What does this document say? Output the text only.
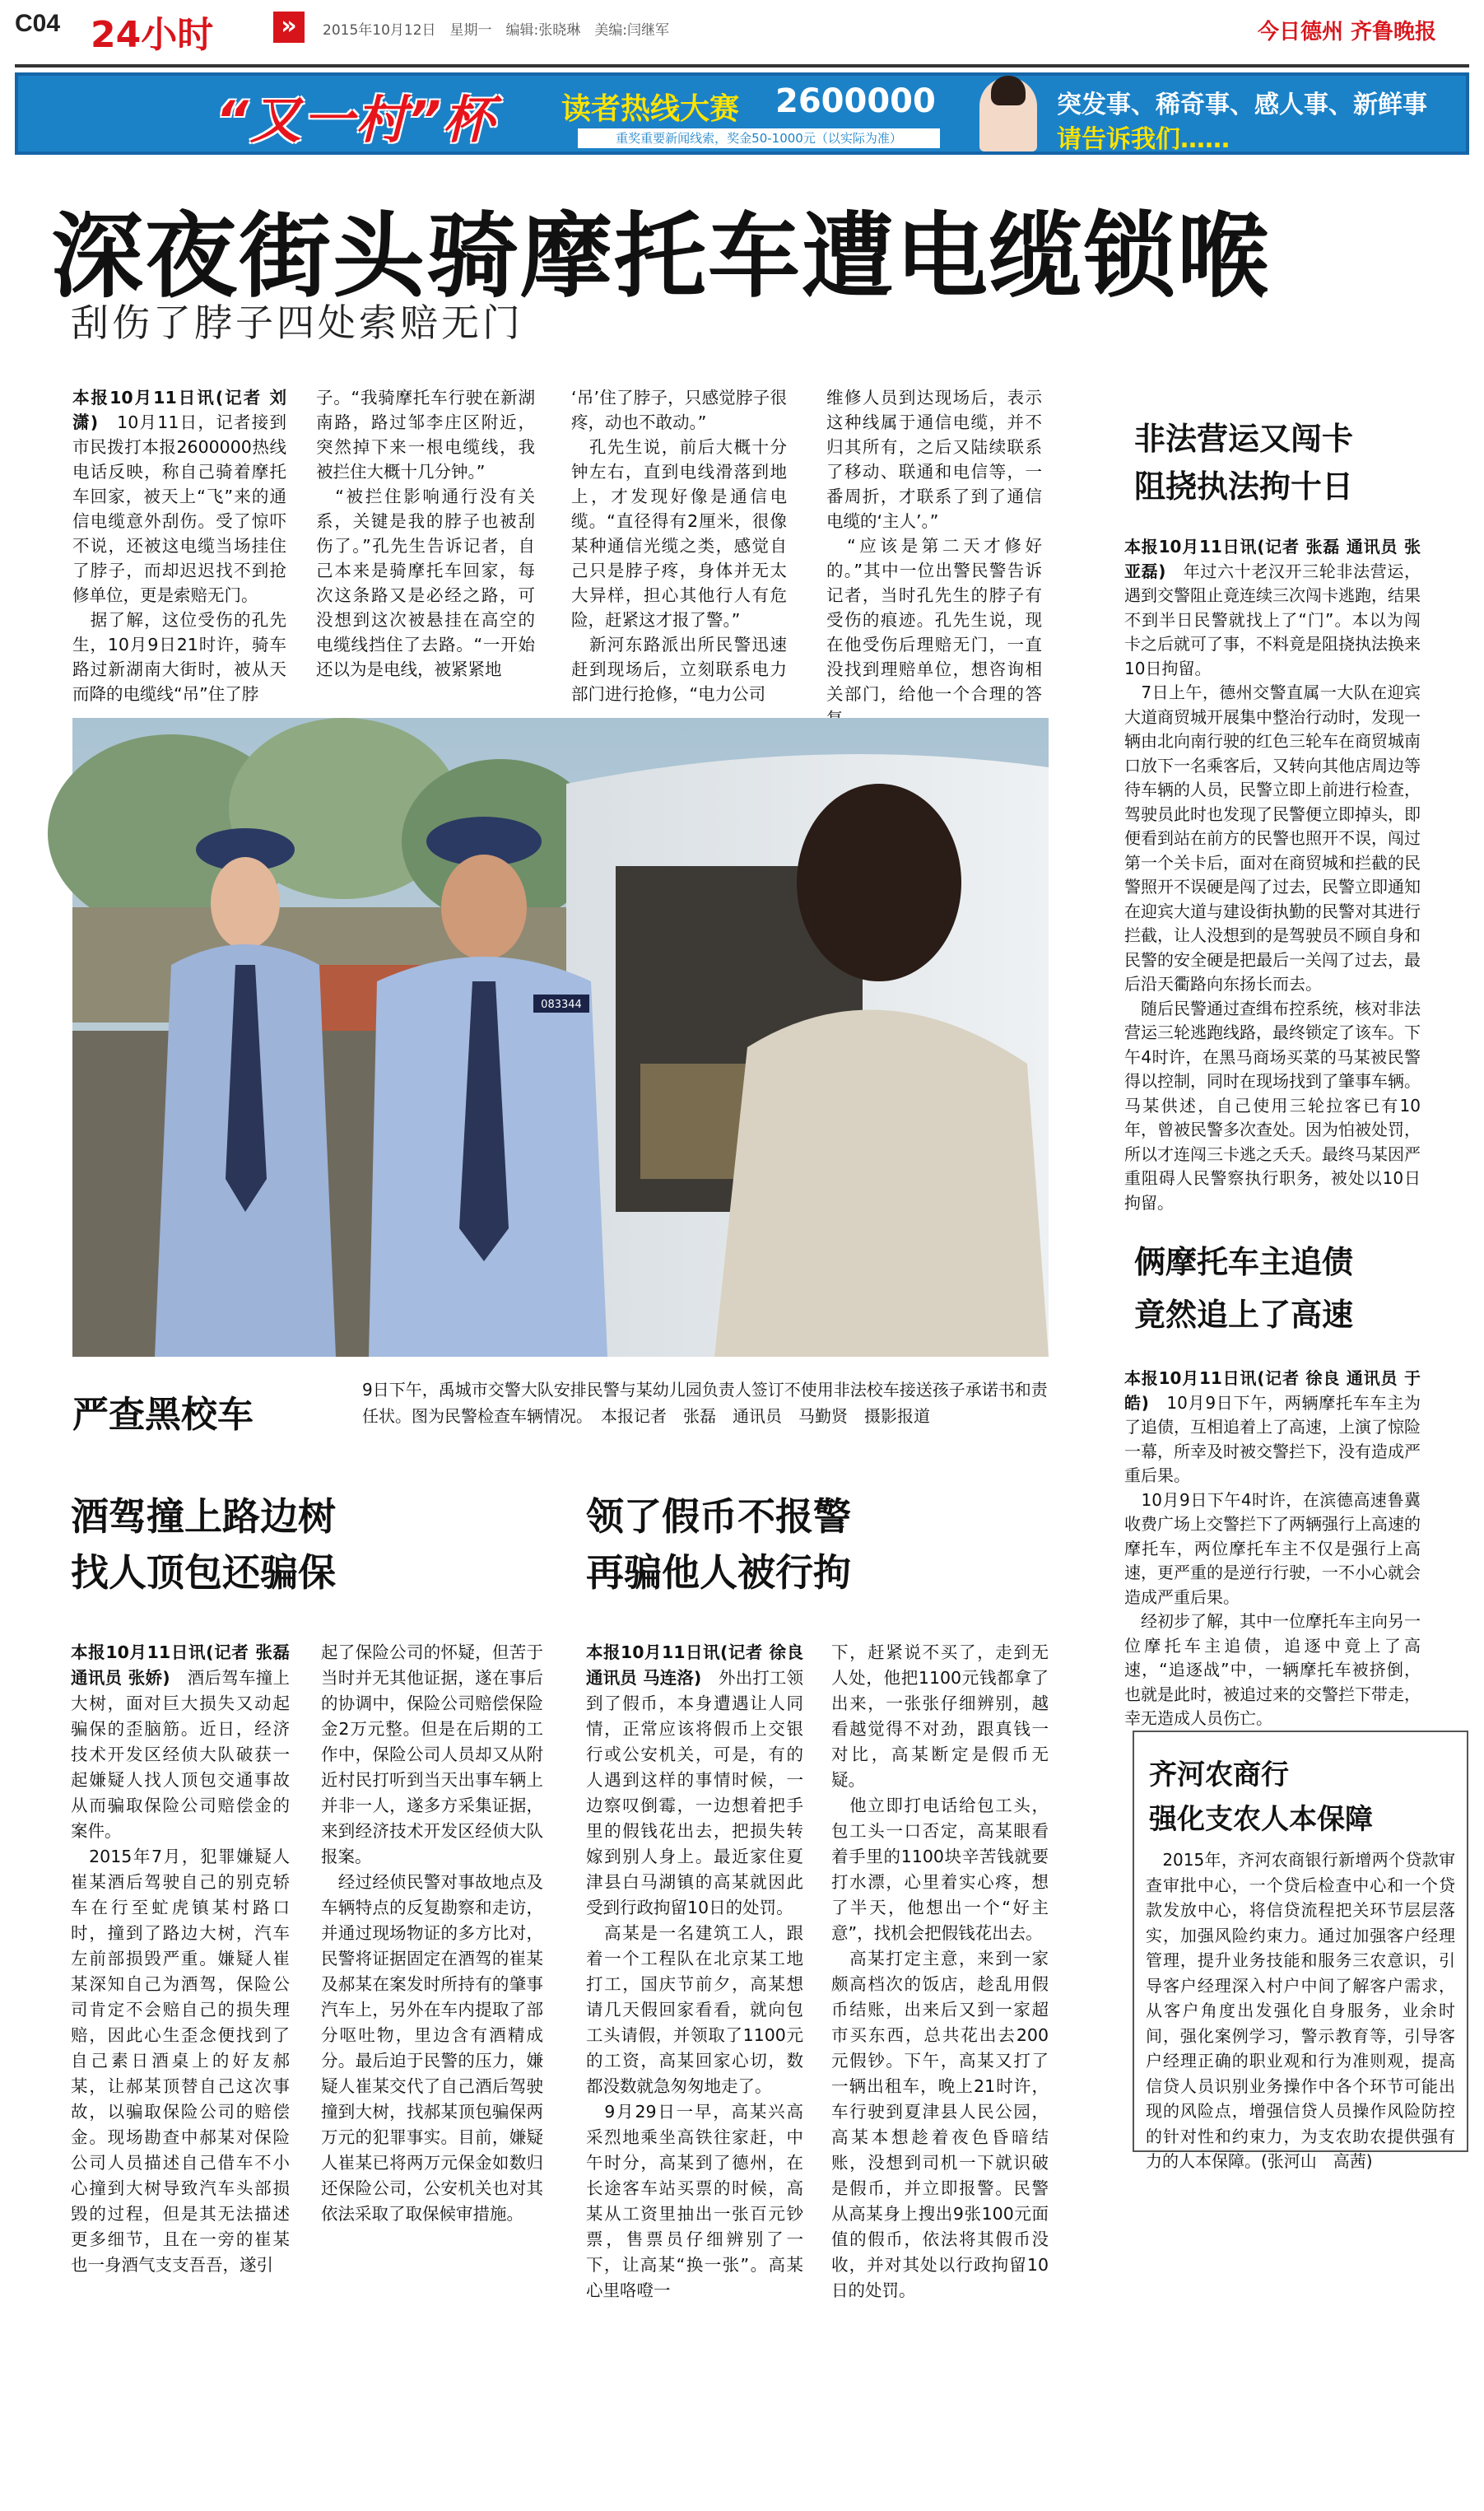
C04 24小时	»	2015年10月12日　星期一　编辑:张晓琳　美编:闫继军	今日德州 齐鲁晚报
“又一村”杯 读者热线大赛 2600000
重奖重要新闻线索，奖金50-1000元（以实际为准）
突发事、稀奇事、感人事、新鲜事
请告诉我们……
深夜街头骑摩托车遭电缆锁喉
刮伤了脖子四处索赔无门
本报10月11日讯(记者 刘潇)　10月11日，记者接到市民拨打本报2600000热线电话反映，称自己骑着摩托车回家，被天上“飞”来的通信电缆意外刮伤。受了惊吓不说，还被这电缆当场挂住了脖子，而却迟迟找不到抢修单位，更是索赔无门。
　据了解，这位受伤的孔先生，10月9日21时许，骑车路过新湖南大街时，被从天而降的电缆线“吊”住了脖
子。“我骑摩托车行驶在新湖南路，路过邹李庄区附近，突然掉下来一根电缆线，我被拦住大概十几分钟。”
　“被拦住影响通行没有关系，关键是我的脖子也被刮伤了。”孔先生告诉记者，自己本来是骑摩托车回家，每次这条路又是必经之路，可没想到这次被悬挂在高空的电缆线挡住了去路。“一开始还以为是电线，被紧紧地
‘吊’住了脖子，只感觉脖子很疼，动也不敢动。”
　孔先生说，前后大概十分钟左右，直到电线滑落到地上，才发现好像是通信电缆。“直径得有2厘米，很像某种通信光缆之类，感觉自己只是脖子疼，身体并无太大异样，担心其他行人有危险，赶紧这才报了警。”
　新河东路派出所民警迅速赶到现场后，立刻联系电力部门进行抢修，“电力公司
维修人员到达现场后，表示这种线属于通信电缆，并不归其所有，之后又陆续联系了移动、联通和电信等，一番周折，才联系了到了通信电缆的‘主人’。”
　“应该是第二天才修好的。”其中一位出警民警告诉记者，当时孔先生的脖子有受伤的痕迹。孔先生说，现在他受伤后理赔无门，一直没找到理赔单位，想咨询相关部门，给他一个合理的答
083344
严查黑校车
9日下午，禹城市交警大队安排民警与某幼儿园负责人签订不使用非法校车接送孩子承诺书和责任状。图为民警检查车辆情况。　本报记者　张磊　通讯员　马勤贤　摄影报道
酒驾撞上路边树
找人顶包还骗保
本报10月11日讯(记者 张磊 通讯员 张娇)　酒后驾车撞上大树，面对巨大损失又动起骗保的歪脑筋。近日，经济技术开发区经侦大队破获一起嫌疑人找人顶包交通事故从而骗取保险公司赔偿金的案件。
　2015年7月，犯罪嫌疑人崔某酒后驾驶自己的别克轿车在行至虻虎镇某村路口时，撞到了路边大树，汽车左前部损毁严重。嫌疑人崔某深知自己为酒驾，保险公司肯定不会赔自己的损失理赔，因此心生歪念便找到了自己素日酒桌上的好友郝某，让郝某顶替自己这次事故，以骗取保险公司的赔偿金。现场勘查中郝某对保险公司人员描述自己借车不小心撞到大树导致汽车头部损毁的过程，但是其无法描述更多细节，且在一旁的崔某也一身酒气支支吾吾，遂引
起了保险公司的怀疑，但苦于当时并无其他证据，遂在事后的协调中，保险公司赔偿保险金2万元整。但是在后期的工作中，保险公司人员却又从附近村民打听到当天出事车辆上并非一人，遂多方采集证据，来到经济技术开发区经侦大队报案。
　经过经侦民警对事故地点及车辆特点的反复勘察和走访，并通过现场物证的多方比对，民警将证据固定在酒驾的崔某及郝某在案发时所持有的肇事汽车上，另外在车内提取了部分呕吐物，里边含有酒精成分。最后迫于民警的压力，嫌疑人崔某交代了自己酒后驾驶撞到大树，找郝某顶包骗保两万元的犯罪事实。目前，嫌疑人崔某已将两万元保金如数归还保险公司，公安机关也对其依法采取了取保候审措施。
领了假币不报警
再骗他人被行拘
本报10月11日讯(记者 徐良 通讯员 马连洛)　外出打工领到了假币，本身遭遇让人同情，正常应该将假币上交银行或公安机关，可是，有的人遇到这样的事情时候，一边察叹倒霉，一边想着把手里的假钱花出去，把损失转嫁到别人身上。最近家住夏津县白马湖镇的高某就因此受到行政拘留10日的处罚。
　高某是一名建筑工人，跟着一个工程队在北京某工地打工，国庆节前夕，高某想请几天假回家看看，就向包工头请假，并领取了1100元的工资，高某回家心切，数都没数就急匆匆地走了。
　9月29日一早，高某兴高采烈地乘坐高铁往家赶，中午时分，高某到了德州，在长途客车站买票的时候，高某从工资里抽出一张百元钞票，售票员仔细辨别了一下，让高某“换一张”。高某心里咯噔一
下，赶紧说不买了，走到无人处，他把1100元钱都拿了出来，一张张仔细辨别，越看越觉得不对劲，跟真钱一对比，高某断定是假币无疑。
　他立即打电话给包工头，包工头一口否定，高某眼看着手里的1100块辛苦钱就要打水漂，心里着实心疼，想了半天，他想出一个“好主意”，找机会把假钱花出去。
　高某打定主意，来到一家颇高档次的饭店，趁乱用假币结账，出来后又到一家超市买东西，总共花出去200元假钞。下午，高某又打了一辆出租车，晚上21时许，车行驶到夏津县人民公园，高某本想趁着夜色昏暗结账，没想到司机一下就识破是假币，并立即报警。民警从高某身上搜出9张100元面值的假币，依法将其假币没收，并对其处以行政拘留10日的处罚。
非法营运又闯卡
阻挠执法拘十日
本报10月11日讯(记者 张磊 通讯员 张亚磊)　年过六十老汉开三轮非法营运，遇到交警阻止竟连续三次闯卡逃跑，结果不到半日民警就找上了“门”。本以为闯卡之后就可了事，不料竟是阻挠执法换来10日拘留。
　7日上午，德州交警直属一大队在迎宾大道商贸城开展集中整治行动时，发现一辆由北向南行驶的红色三轮车在商贸城南口放下一名乘客后，又转向其他店周边等待车辆的人员，民警立即上前进行检查，驾驶员此时也发现了民警便立即掉头，即便看到站在前方的民警也照开不误，闯过第一个关卡后，面对在商贸城和拦截的民警照开不误硬是闯了过去，民警立即通知在迎宾大道与建设街执勤的民警对其进行拦截，让人没想到的是驾驶员不顾自身和民警的安全硬是把最后一关闯了过去，最后沿天衢路向东扬长而去。
　随后民警通过查缉布控系统，核对非法营运三轮逃跑线路，最终锁定了该车。下午4时许，在黑马商场买菜的马某被民警得以控制，同时在现场找到了肇事车辆。马某供述，自己使用三轮拉客已有10年，曾被民警多次查处。因为怕被处罚，所以才连闯三卡逃之夭夭。最终马某因严重阻碍人民警察执行职务，被处以10日拘留。
俩摩托车主追债
竟然追上了高速
本报10月11日讯(记者 徐良 通讯员 于皓)　10月9日下午，两辆摩托车车主为了追债，互相追着上了高速，上演了惊险一幕，所幸及时被交警拦下，没有造成严重后果。
　10月9日下午4时许，在滨德高速鲁冀收费广场上交警拦下了两辆强行上高速的摩托车，两位摩托车主不仅是强行上高速，更严重的是逆行行驶，一不小心就会造成严重后果。
　经初步了解，其中一位摩托车主向另一位摩托车主追债，追逐中竟上了高速，“追逐战”中，一辆摩托车被挤倒，也就是此时，被追过来的交警拦下带走，幸无造成人员伤亡。
齐河农商行
强化支农人本保障
　2015年，齐河农商银行新增两个贷款审查审批中心，一个贷后检查中心和一个贷款发放中心，将信贷流程把关环节层层落实，加强风险约束力。通过加强客户经理管理，提升业务技能和服务三农意识，引导客户经理深入村户中间了解客户需求，从客户角度出发强化自身服务，业余时间，强化案例学习，警示教育等，引导客户经理正确的职业观和行为准则观，提高信贷人员识别业务操作中各个环节可能出现的风险点，增强信贷人员操作风险防控的针对性和约束力，为支农助农提供强有力的人本保障。(张河山　高茜)
